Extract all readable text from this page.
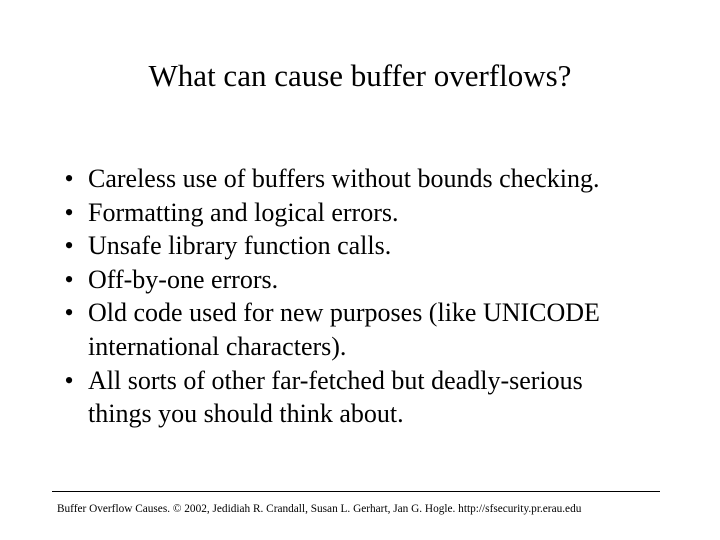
What can cause buffer overflows?
• Careless use of buffers without bounds checking.
• Formatting and logical errors.
• Unsafe library function calls.
• Off-by-one errors.
• Old code used for new purposes (like UNICODE
international characters).
• All sorts of other far-fetched but deadly-serious
things you should think about.
Buffer Overflow Causes. © 2002, Jedidiah R. Crandall, Susan L. Gerhart, Jan G. Hogle. http://sfsecurity.pr.erau.edu
